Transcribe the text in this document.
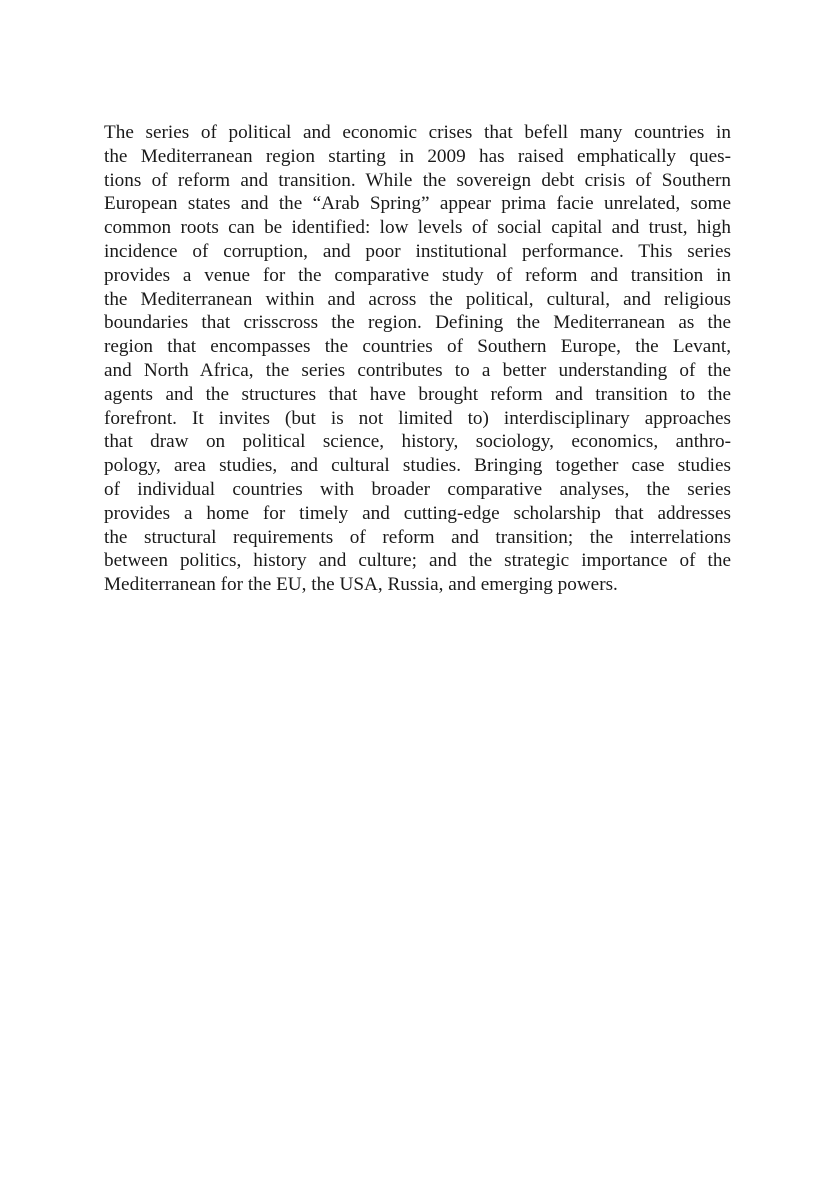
The series of political and economic crises that befell many countries in
the Mediterranean region starting in 2009 has raised emphatically ques-
tions of reform and transition. While the sovereign debt crisis of Southern
European states and the “Arab Spring” appear prima facie unrelated, some
common roots can be identified: low levels of social capital and trust, high
incidence of corruption, and poor institutional performance. This series
provides a venue for the comparative study of reform and transition in
the Mediterranean within and across the political, cultural, and religious
boundaries that crisscross the region. Defining the Mediterranean as the
region that encompasses the countries of Southern Europe, the Levant,
and North Africa, the series contributes to a better understanding of the
agents and the structures that have brought reform and transition to the
forefront. It invites (but is not limited to) interdisciplinary approaches
that draw on political science, history, sociology, economics, anthro-
pology, area studies, and cultural studies. Bringing together case studies
of individual countries with broader comparative analyses, the series
provides a home for timely and cutting-edge scholarship that addresses
the structural requirements of reform and transition; the interrelations
between politics, history and culture; and the strategic importance of the
Mediterranean for the EU, the USA, Russia, and emerging powers.
